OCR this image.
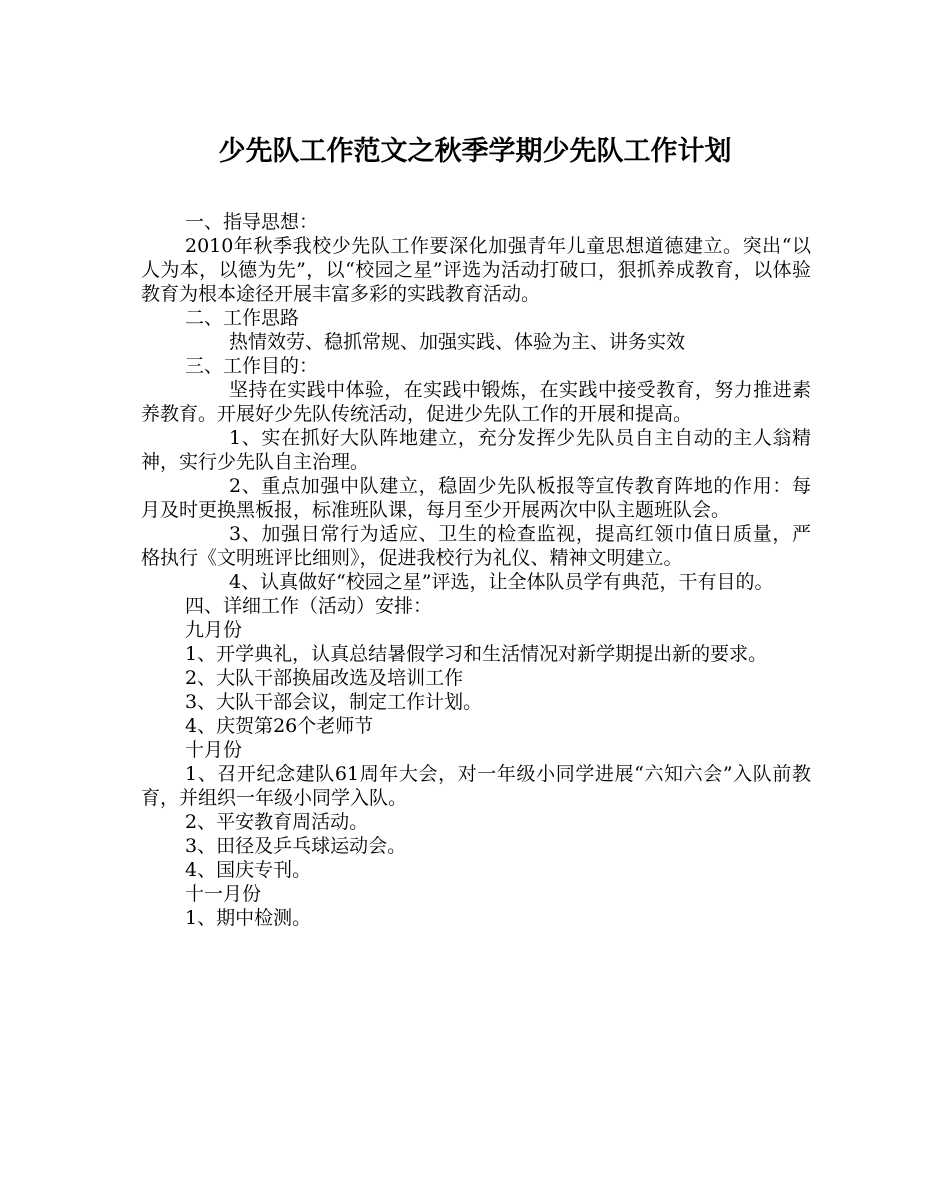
少先队工作范文之秋季学期少先队工作计划

一、指导思想：

2010年秋季我校少先队工作要深化加强青年儿童思想道德建立。突出“以人为本，以德为先”，以“校园之星”评选为活动打破口，狠抓养成教育，以体验教育为根本途径开展丰富多彩的实践教育活动。

二、工作思路

热情效劳、稳抓常规、加强实践、体验为主、讲务实效

三、工作目的：

坚持在实践中体验，在实践中锻炼，在实践中接受教育，努力推进素养教育。开展好少先队传统活动，促进少先队工作的开展和提高。

1、实在抓好大队阵地建立，充分发挥少先队员自主自动的主人翁精神，实行少先队自主治理。

2、重点加强中队建立，稳固少先队板报等宣传教育阵地的作用：每月及时更换黑板报，标准班队课，每月至少开展两次中队主题班队会。

3、加强日常行为适应、卫生的检查监视，提高红领巾值日质量，严格执行《文明班评比细则》，促进我校行为礼仪、精神文明建立。

4、认真做好“校园之星”评选，让全体队员学有典范，干有目的。

四、详细工作（活动）安排：

九月份

1、开学典礼，认真总结暑假学习和生活情况对新学期提出新的要求。

2、大队干部换届改选及培训工作

3、大队干部会议，制定工作计划。

4、庆贺第26个老师节

十月份

1、召开纪念建队61周年大会，对一年级小同学进展“六知六会”入队前教育，并组织一年级小同学入队。

2、平安教育周活动。

3、田径及乒乓球运动会。

4、国庆专刊。

十一月份

1、期中检测。
